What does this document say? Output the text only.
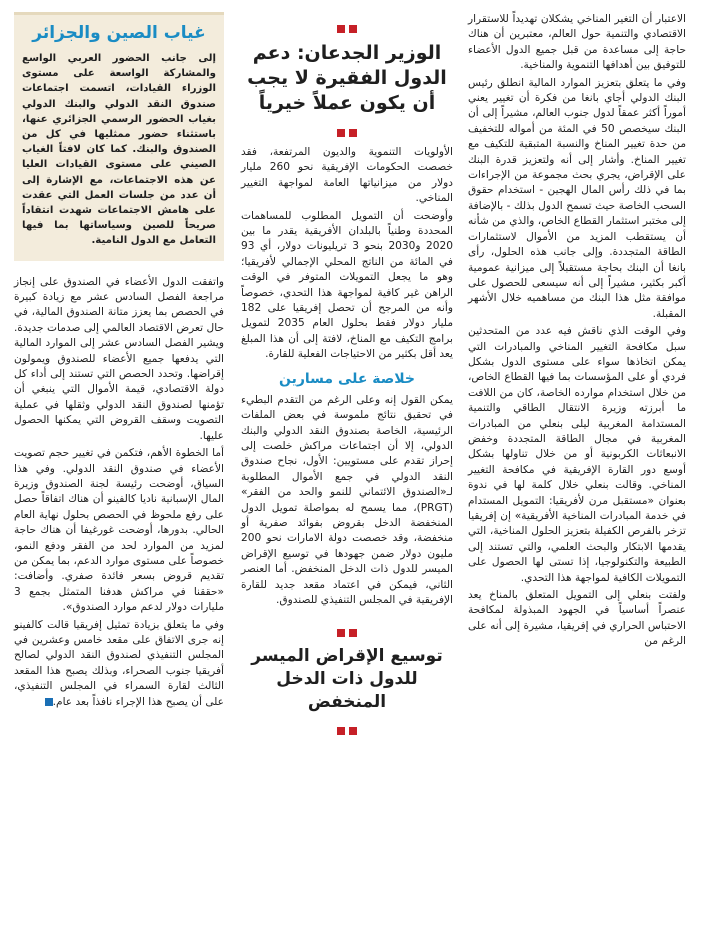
الاعتبار أن التغير المناخي يشكلان تهديداً للاستقرار الاقتصادي والتنمية حول العالم، معتبرين أن هناك حاجة إلى مساعدة من قبل جميع الدول الأعضاء للتوفيق بين أهدافها التنموية والمناخية.

وفي ما يتعلق بتعزيز الموارد المالية انطلق رئيس البنك الدولي أجاي بانغا من فكرة أن تغيير يعني أموراً أكثر عمقاً لدول جنوب العالم، مشيراً إلى أن البنك سيخصص 50 في المئة من أمواله للتخفيف من حدة تغيير المناخ والنسبة المتبقية للتكيف مع تغيير المناخ. وأشار إلى أنه ولتعزيز قدرة البنك على الإقراض، يجري بحث مجموعة من الإجراءات بما في ذلك رأس المال الهجين - استخدام حقوق السحب الخاصة حيث تسمح الدول بذلك - بالإضافة إلى مختبر استثمار القطاع الخاص، والذي من شأنه أن يستقطب المزيد من الأموال لاستثمارات الطاقة المتجددة. وإلى جانب هذه الحلول، رأى بانغا أن البنك بحاجة مستقبلاً إلى ميزانية عمومية أكبر بكثير، مشيراً إلى أنه سيسعى للحصول على موافقة مثل هذا البنك من مساهميه خلال الأشهر المقبلة.

وفي الوقت الذي ناقش فيه عدد من المتحدثين سبل مكافحة التغيير المناخي والمبادرات التي يمكن اتخاذها سواء على مستوى الدول بشكل فردي أو على المؤسسات بما فيها القطاع الخاص، من خلال استخدام موارده الخاصة، كان من اللافت ما أبرزته وزيرة الانتقال الطاقي والتنمية المستدامة المغربية ليلى بنعلي من المبادرات المغربية في مجال الطاقة المتجددة وخفض الانبعاثات الكربونية أو من خلال تناولها بشكل أوسع دور القارة الإفريقية في مكافحة التغيير المناخي. وقالت بنعلي خلال كلمة لها في ندوة بعنوان «مستقبل مرن لأفريقيا: التمويل المستدام في خدمة المبادرات المناخية الأفريقية» إن إفريقيا تزخر بالفرص الكفيلة بتعزيز الحلول المناخية، التي يقدمها الابتكار والبحث العلمي، والتي تستند إلى الطبيعة والتكنولوجيا، إذا تستى لها الحصول على التمويلات الكافية لمواجهة هذا التحدي.

ولفتت بنعلي إلى التمويل المتعلق بالمناخ يعد عنصراً أساسياً في الجهود المبذولة لمكافحة الاحتباس الحراري في إفريقيا، مشيرة إلى أنه على الرغم من

الوزير الجدعان: دعم الدول الفقيرة لا يجب أن يكون عملاً خيرياً

الأولويات التنموية والديون المرتفعة، فقد خصصت الحكومات الإفريقية نحو 260 مليار دولار من ميزانياتها العامة لمواجهة التغيير المناخي.

وأوضحت أن التمويل المطلوب للمساهمات المحددة وطنياً بالبلدان الأفريقية يقدر ما بين 2020 و2030 بنحو 3 تريليونات دولار، أي 93 في المائة من الناتج المحلي الإجمالي لأفريقيا؛ وهو ما يجعل التمويلات المتوفر في الوقت الراهن غير كافية لمواجهة هذا التحدي، خصوصاً وأنه من المرجح أن تحصل إفريقيا على 182 مليار دولار فقط بحلول العام 2035 لتمويل برامج التكيف مع المناخ، لافتة إلى أن هذا المبلغ يعد أقل بكثير من الاحتياجات الفعلية للقارة.

خلاصة على مسارين

يمكن القول إنه وعلى الرغم من التقدم البطيء في تحقيق نتائج ملموسة في بعض الملفات الرئيسية، الخاصة بصندوق النقد الدولي والبنك الدولي، إلا أن اجتماعات مراكش خلصت إلى إحراز تقدم على مستويين: الأول، نجاح صندوق النقد الدولي في جمع الأموال المطلوبة لـ«الصندوق الائتماني للنمو والحد من الفقر» (PRGT)، مما يسمح له بمواصلة تمويل الدول المنخفضة الدخل بقروض بفوائد صفرية أو منخفضة، وقد خصصت دولة الامارات نحو 200 مليون دولار ضمن جهودها في توسيع الإقراض الميسر للدول ذات الدخل المنخفض. أما العنصر الثاني، فيمكن في اعتماد مقعد جديد للقارة الإفريقية في المجلس التنفيذي للصندوق.

توسيع الإقراض الميسر للدول ذات الدخل المنخفض
غياب الصين والجزائر

إلى جانب الحضور العربي الواسع والمشاركة الواسعة على مستوى الوزراء القيادات، اتسمت اجتماعات صندوق النقد الدولي والبنك الدولي بغياب الحضور الرسمي الجزائري عنها، باستثناء حضور ممثليها في كل من الصندوق والبنك. كما كان لافتاً الغياب الصيني على مستوى القيادات العليا عن هذه الاجتماعات، مع الإشارة إلى أن عدد من جلسات العمل التي عقدت على هامش الاجتماعات شهدت انتقاداً صريحاً للصين وسياساتها بما فيها التعامل مع الدول النامية.

واتفقت الدول الأعضاء في الصندوق على إنجاز مراجعة الفصل السادس عشر مع زيادة كبيرة في الحصص بما يعزز متانة الصندوق المالية، في حال تعرض الاقتصاد العالمي إلى صدمات جديدة. ويشير الفصل السادس عشر إلى الموارد المالية التي يدفعها جميع الأعضاء للصندوق ويمولون إقراضها. وتحدد الحصص التي تستند إلى أداء كل دولة الاقتصادي، قيمة الأموال التي ينبغي أن تؤمنها لصندوق النقد الدولي وثقلها في عملية التصويت وسقف القروض التي يمكنها الحصول عليها.

أما الخطوة الأهم، فتكمن في تغيير حجم تصويت الأعضاء في صندوق النقد الدولي. وفي هذا السياق، أوضحت رئيسة لجنة الصندوق وزيرة المال الإسبانية ناديا كالفينو أن هناك اتفاقاً حصل على رفع ملحوظ في الحصص بحلول نهاية العام الحالي. بدورها، أوضحت غورغيفا أن هناك حاجة لمزيد من الموارد لحد من الفقر ودفع النمو، خصوصاً على مستوى موارد الدعم، بما يمكن من تقديم قروض بسعر فائدة صفري. وأضافت: «حققنا في مراكش هدفنا المتمثل بجمع 3 مليارات دولار لدعم موارد الصندوق».

وفي ما يتعلق بزيادة تمثيل إفريقيا قالت كالفينو إنه جرى الاتفاق على مقعد خامس وعشرين في المجلس التنفيذي لصندوق النقد الدولي لصالح أفريقيا جنوب الصحراء، وبذلك يصبح هذا المقعد الثالث لقارة السمراء في المجلس التنفيذي، على أن يصبح هذا الإجراء نافذاً بعد عام.
